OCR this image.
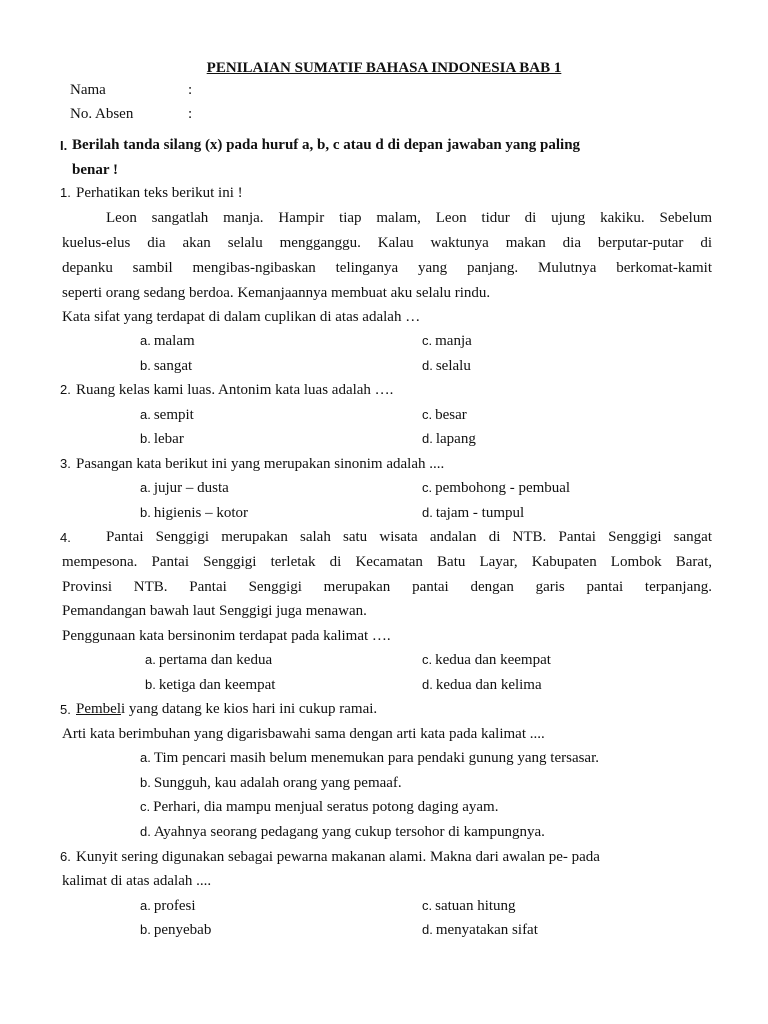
PENILAIAN SUMATIF BAHASA INDONESIA BAB 1
Nama	:
No. Absen	:
I. Berilah tanda silang (x) pada huruf a, b, c atau d di depan jawaban yang paling
benar !
1. Perhatikan teks berikut ini !
Leon sangatlah manja. Hampir tiap malam, Leon tidur di ujung kakiku. Sebelum
kuelus-elus dia akan selalu mengganggu. Kalau waktunya makan dia berputar-putar di
depanku sambil mengibas-ngibaskan telinganya yang panjang. Mulutnya berkomat-kamit
seperti orang sedang berdoa. Kemanjaannya membuat aku selalu rindu.
Kata sifat yang terdapat di dalam cuplikan di atas adalah …
a. malam	c. manja
b. sangat	d. selalu
2. Ruang kelas kami luas. Antonim kata luas adalah ….
a. sempit	c. besar
b. lebar	d. lapang
3. Pasangan kata berikut ini yang merupakan sinonim adalah ....
a. jujur – dusta	c. pembohong - pembual
b. higienis – kotor	d. tajam - tumpul
4. Pantai Senggigi merupakan salah satu wisata andalan di NTB. Pantai Senggigi sangat
mempesona. Pantai Senggigi terletak di Kecamatan Batu Layar, Kabupaten Lombok Barat,
Provinsi NTB. Pantai Senggigi merupakan pantai dengan garis pantai terpanjang.
Pemandangan bawah laut Senggigi juga menawan.
Penggunaan kata bersinonim terdapat pada kalimat ….
a. pertama dan kedua	c. kedua dan keempat
b. ketiga dan keempat	d. kedua dan kelima
5. Pembeli yang datang ke kios hari ini cukup ramai.
Arti kata berimbuhan yang digarisbawahi sama dengan arti kata pada kalimat ....
a. Tim pencari masih belum menemukan para pendaki gunung yang tersasar.
b. Sungguh, kau adalah orang yang pemaaf.
c. Perhari, dia mampu menjual seratus potong daging ayam.
d. Ayahnya seorang pedagang yang cukup tersohor di kampungnya.
6. Kunyit sering digunakan sebagai pewarna makanan alami. Makna dari awalan pe- pada
kalimat di atas adalah ....
a. profesi	c. satuan hitung
b. penyebab	d. menyatakan sifat
